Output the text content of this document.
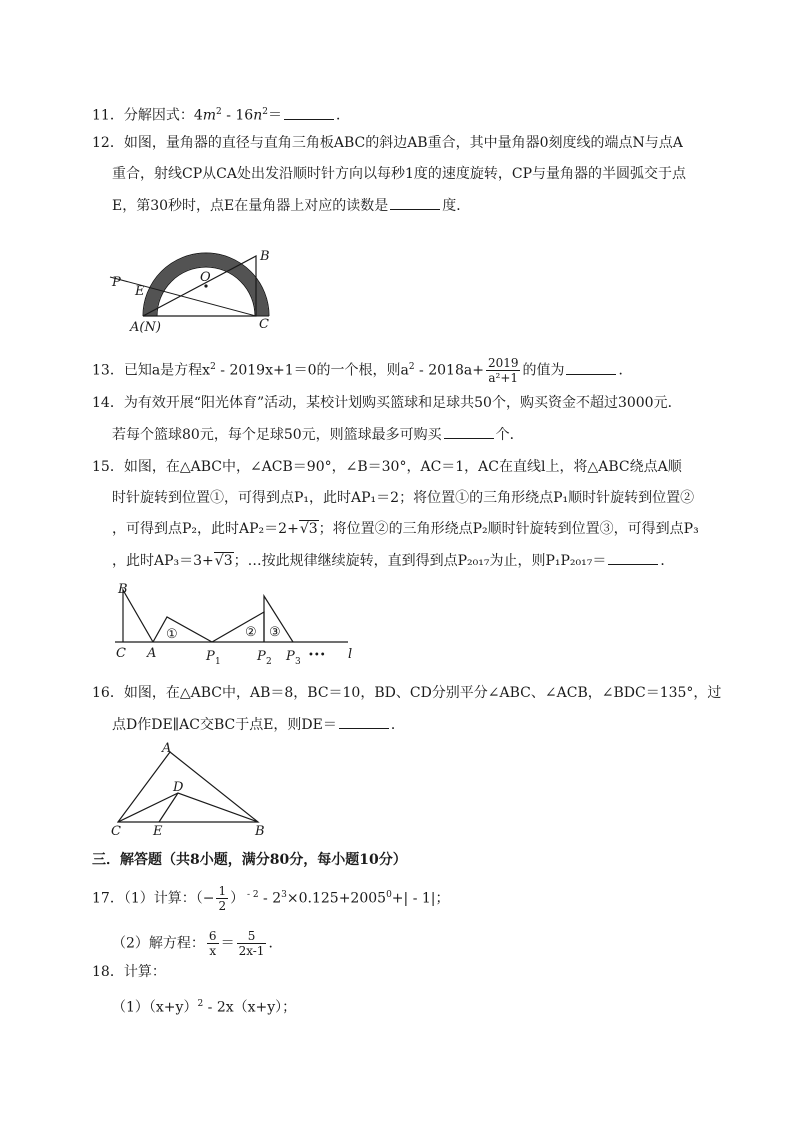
11．分解因式：$4m^2 - 16n^2=$	．
12．如图，量角器的直径与直角三角板ABC的斜边AB重合，其中量角器0刻度线的端点N与点A
重合，射线CP从CA处出发沿顺时针方向以每秒1度的速度旋转，CP与量角器的半圆弧交于点
E，第30秒时，点E在量角器上对应的读数是	度．
P	O
B
E
A(N)	C
13．已知a是方程$x^2 - 2019x+1=0$的一个根，则$a^2 - 2018a+ \frac{2019}{\text{a²+1}}$ 的值为	．
14．为有效开展“阳光体育”活动，某校计划购买篮球和足球共50个，购买资金不超过3000元．
若每个篮球80元，每个足球50元，则篮球最多可购买	个．
15．如图，在△ABC中，∠ACB＝90°，∠B＝30°，AC＝1，AC在直线l上，将△ABC绕点A顺
时针旋转到位置①，可得到点P₁，此时AP₁＝2；将位置①的三角形绕点P₁顺时针旋转到位置②
，可得到点P₂，此时AP₂＝2+√3；将位置②的三角形绕点P₂顺时针旋转到位置③，可得到点P₃
，此时AP₃＝3+√3；…按此规律继续旋转，直到得到点P₂₀₁₇为止，则P₁P₂₀₁₇＝	．
B
C A
①
P 1
② ③
P 2 P 3
••• l
16．如图，在△ABC中，AB＝8，BC＝10，BD、CD分别平分∠ABC、∠ACB，∠BDC＝135°，过
点D作DE∥AC交BC于点E，则DE＝	．
A
D
C E	B
三．解答题（共8小题，满分80分，每小题10分）
17．（1）计算：（− $\frac{1}{2}$ ） $^{- 2} - 2^3\times 0.125+2005^0+| - 1|$；
（2）解方程： $\frac{6}{x} = \frac{5}{2x-1}$ ．
18．计算：
$(1)(x+y)^2 - 2x(x+y)$；
